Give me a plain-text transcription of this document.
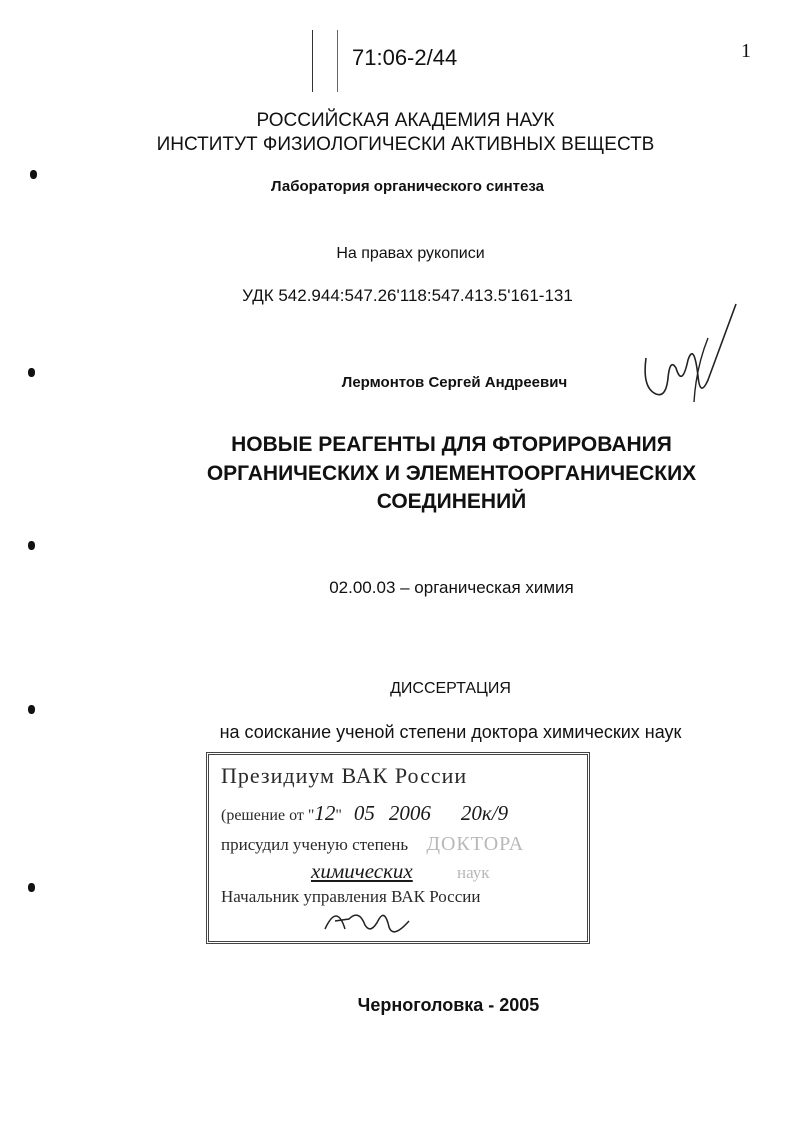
71:06-2/44	1
РОССИЙСКАЯ АКАДЕМИЯ НАУК
ИНСТИТУТ ФИЗИОЛОГИЧЕСКИ АКТИВНЫХ ВЕЩЕСТВ
Лаборатория органического синтеза
На правах рукописи
УДК 542.944:547.26'118:547.413.5'161-131
Лермонтов Сергей Андреевич
НОВЫЕ РЕАГЕНТЫ ДЛЯ ФТОРИРОВАНИЯ
ОРГАНИЧЕСКИХ И ЭЛЕМЕНТООРГАНИЧЕСКИХ
СОЕДИНЕНИЙ
02.00.03 – органическая химия
ДИССЕРТАЦИЯ
на соискание ученой степени доктора химических наук
Президиум ВАК России
(решение от "12" 05 2006 20к/9
присудил ученую степень ДОКТОРА
химических	наук
Начальник управления ВАК России
Черноголовка - 2005
